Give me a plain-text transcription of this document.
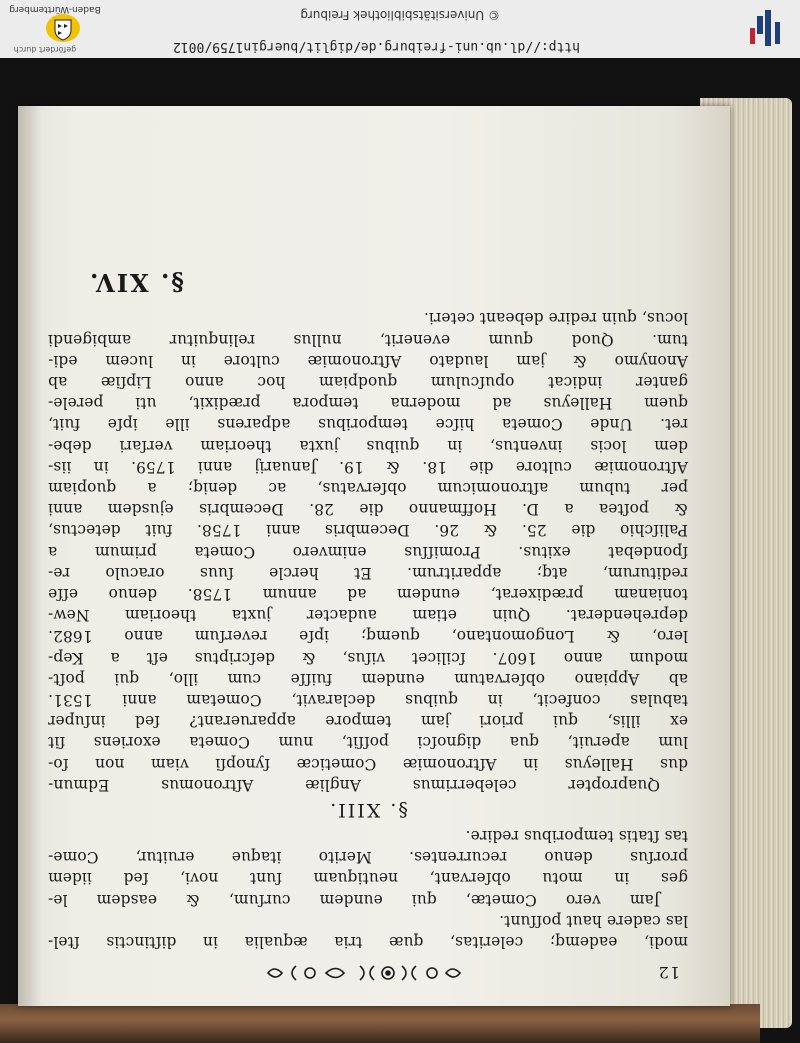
http://dl.ub.uni-freiburg.de/diglit/buergin1759/0012
© Universitätsbibliothek Freiburg
Baden-Württemberg
gefördert durch
12
modi, eademq; celeritas, quæ tria æqualia in diſtinctis ſtel-
las cadere haut poſſunt.
Jam vero Cometæ, qui eundem curſum, & easdem le-
ges in motu obſervant, neutiquam ſunt novi, ſed iidem
prorſus denuo recurrentes. Merito itaque eruitur, Come-
tas ſtatis temporibus redire.
§. XIII.
Quapropter celeberrimus Angliæ Aſtronomus Edmun-
dus Halleyus in Aſtronomiæ Cometicæ ſynopſi viam non ſo-
lum aperuit, qua dignoſci poſſit, num Cometa exoriens ſit
ex illis, qui priori jam tempore apparuerant? ſed inſuper
tabulas confecit, in quibus declaravit, Cometam anni 1531.
ab Appiano obſervatum eundem fuiſſe cum illo, qui poſt-
modum anno 1607. ſcilicet viſus, & deſcriptus eſt a Kep-
lero, & Longomontano, quemq; ipſe reverſum anno 1682.
deprehenderat. Quin etiam audacter juxta theoriam New-
tonianam prædixerat, eundem ad annum 1758. denuo eſſe
rediturum, atq; apparitrum. Et hercle ſuus oraculo re-
ſpondebat exitus. Promiſſus enimvero Cometa primum a
Paliſchio die 25. & 26. Decembris anni 1758. fuit detectus,
& poſtea a D. Hoffmanno die 28. Decembris ejusdem anni
per tubum aſtronomicum obſervatus, ac deniq; a quopiam
Aſtronomiæ cultore die 18. & 19. Januarij anni 1759. in iis-
dem locis inventus, in quibus juxta theoriam verſari debe-
ret. Unde Cometa hiſce temporibus adparens ille ipſe fuit,
quem Halleyus ad moderna tempora prædixit, uti perele-
ganter indicat opuſculum quodpiam hoc anno Lipſiæ ab
Anonymo & jam laudato Aſtronomiæ cultore in lucem edi-
tum. Quod quum evenerit, nullus relinquitur ambigendi
locus, quin redire debeant ceteri.
§. XIV.
